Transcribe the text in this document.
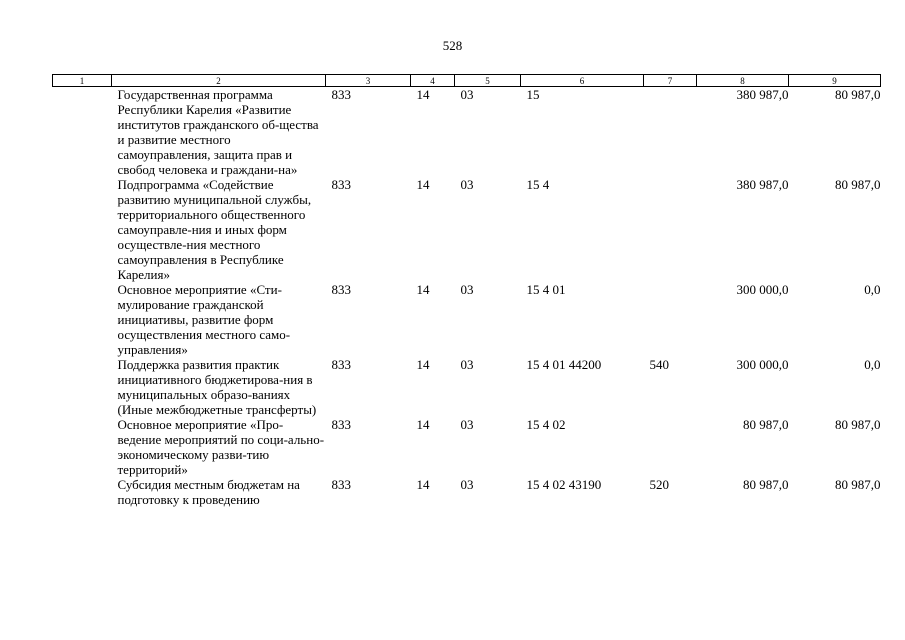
528
1	2	3	4	5	6	7	8	9
	Государственная программа Республики Карелия «Развитие институтов гражданского об-щества и развитие местного самоуправления, защита прав и свобод человека и граждани-на»	833	14	03	15		380 987,0	80 987,0
	Подпрограмма «Содействие развитию муниципальной службы, территориального общественного самоуправле-ния и иных форм осуществле-ния местного самоуправления в Республике Карелия»	833	14	03	15 4		380 987,0	80 987,0
	Основное мероприятие «Сти-мулирование гражданской инициативы, развитие форм осуществления местного само-управления»	833	14	03	15 4 01		300 000,0	0,0
	Поддержка развития практик инициативного бюджетирова-ния в муниципальных образо-ваниях (Иные межбюджетные трансферты)	833	14	03	15 4 01 44200	540	300 000,0	0,0
	Основное мероприятие «Про-ведение мероприятий по соци-ально-экономическому разви-тию территорий»	833	14	03	15 4 02		80 987,0	80 987,0
	Субсидия местным бюджетам на подготовку к проведению	833	14	03	15 4 02 43190	520	80 987,0	80 987,0
